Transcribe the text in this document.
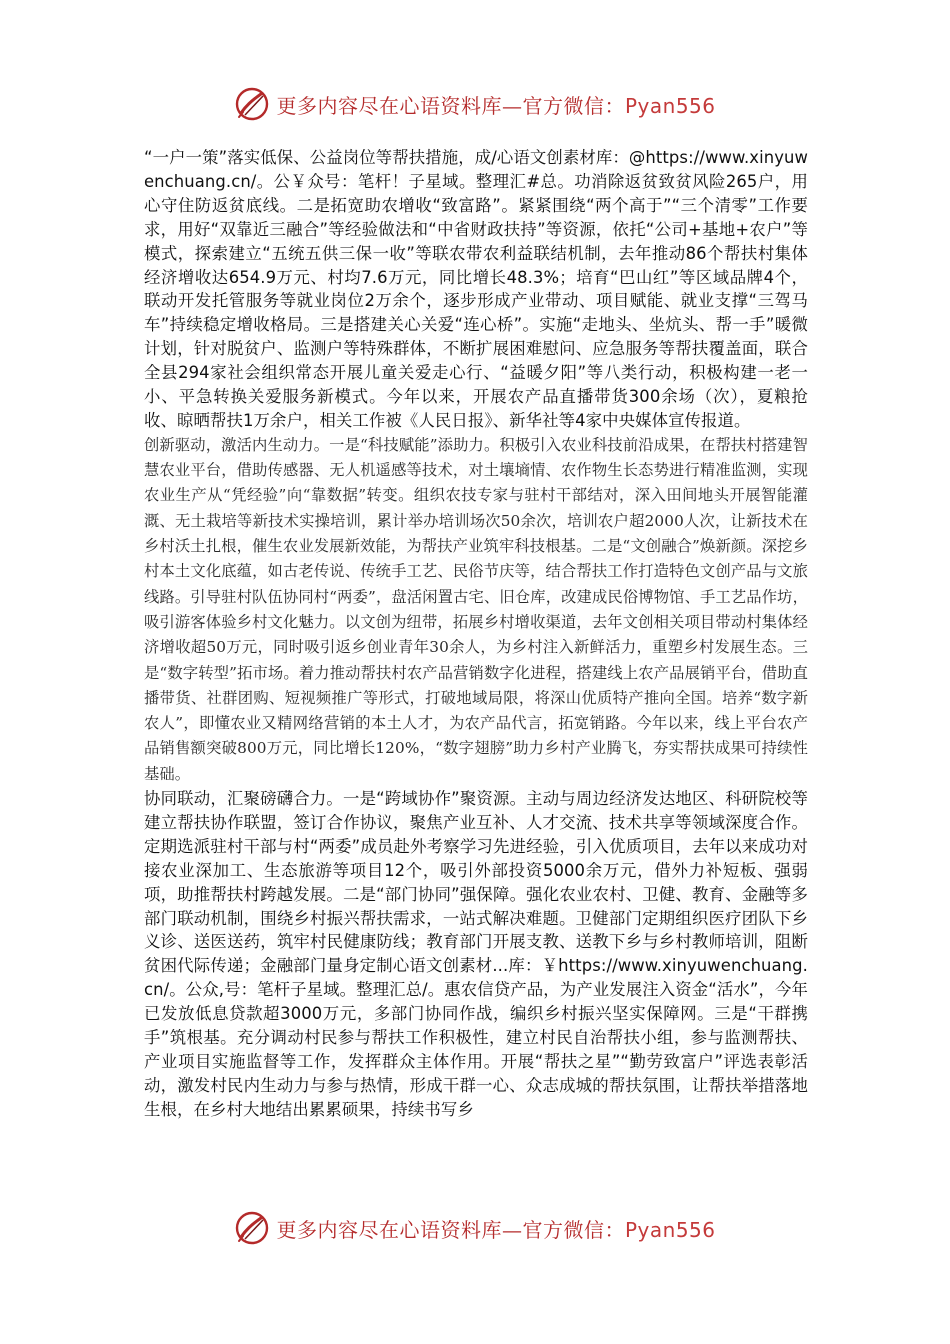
更多内容尽在心语资料库—官方微信：Pyan556

“一户一策”落实低保、公益岗位等帮扶措施，成/心语文创素材库：@https://www.xinyuwenchuang.cn/。公￥众号：笔杆！子星域。整理汇#总。功消除返贫致贫风险265户，用心守住防返贫底线。二是拓宽助农增收“致富路”。紧紧围绕“两个高于”“三个清零”工作要求，用好“双靠近三融合”等经验做法和“中省财政扶持”等资源，依托“公司+基地+农户”等模式，探索建立“五统五供三保一收”等联农带农利益联结机制，去年推动86个帮扶村集体经济增收达654.9万元、村均7.6万元，同比增长48.3%；培育“巴山红”等区域品牌4个，联动开发托管服务等就业岗位2万余个，逐步形成产业带动、项目赋能、就业支撑“三驾马车”持续稳定增收格局。三是搭建关心关爱“连心桥”。实施“走地头、坐炕头、帮一手”暖微计划，针对脱贫户、监测户等特殊群体，不断扩展困难慰问、应急服务等帮扶覆盖面，联合全县294家社会组织常态开展儿童关爱走心行、“益暖夕阳”等八类行动，积极构建一老一小、平急转换关爱服务新模式。今年以来，开展农产品直播带货300余场（次），夏粮抢收、晾晒帮扶1万余户，相关工作被《人民日报》、新华社等4家中央媒体宣传报道。

创新驱动，激活内生动力。一是“科技赋能”添助力。积极引入农业科技前沿成果，在帮扶村搭建智慧农业平台，借助传感器、无人机遥感等技术，对土壤墒情、农作物生长态势进行精准监测，实现农业生产从“凭经验”向“靠数据”转变。组织农技专家与驻村干部结对，深入田间地头开展智能灌溉、无土栽培等新技术实操培训，累计举办培训场次50余次，培训农户超2000人次，让新技术在乡村沃土扎根，催生农业发展新效能，为帮扶产业筑牢科技根基。二是“文创融合”焕新颜。深挖乡村本土文化底蕴，如古老传说、传统手工艺、民俗节庆等，结合帮扶工作打造特色文创产品与文旅线路。引导驻村队伍协同村“两委”，盘活闲置古宅、旧仓库，改建成民俗博物馆、手工艺品作坊，吸引游客体验乡村文化魅力。以文创为纽带，拓展乡村增收渠道，去年文创相关项目带动村集体经济增收超50万元，同时吸引返乡创业青年30余人，为乡村注入新鲜活力，重塑乡村发展生态。三是“数字转型”拓市场。着力推动帮扶村农产品营销数字化进程，搭建线上农产品展销平台，借助直播带货、社群团购、短视频推广等形式，打破地域局限，将深山优质特产推向全国。培养“数字新农人”，即懂农业又精网络营销的本土人才，为农产品代言，拓宽销路。今年以来，线上平台农产品销售额突破800万元，同比增长120%，“数字翅膀”助力乡村产业腾飞，夯实帮扶成果可持续性基础。

协同联动，汇聚磅礴合力。一是“跨域协作”聚资源。主动与周边经济发达地区、科研院校等建立帮扶协作联盟，签订合作协议，聚焦产业互补、人才交流、技术共享等领域深度合作。定期选派驻村干部与村“两委”成员赴外考察学习先进经验，引入优质项目，去年以来成功对接农业深加工、生态旅游等项目12个，吸引外部投资5000余万元，借外力补短板、强弱项，助推帮扶村跨越发展。二是“部门协同”强保障。强化农业农村、卫健、教育、金融等多部门联动机制，围绕乡村振兴帮扶需求，一站式解决难题。卫健部门定期组织医疗团队下乡义诊、送医送药，筑牢村民健康防线；教育部门开展支教、送教下乡与乡村教师培训，阻断贫困代际传递；金融部门量身定制心语文创素材...库：￥https://www.xinyuwenchuang.cn/。公众,号：笔杆子星域。整理汇总/。惠农信贷产品，为产业发展注入资金“活水”，今年已发放低息贷款超3000万元，多部门协同作战，编织乡村振兴坚实保障网。三是“干群携手”筑根基。充分调动村民参与帮扶工作积极性，建立村民自治帮扶小组，参与监测帮扶、产业项目实施监督等工作，发挥群众主体作用。开展“帮扶之星”“勤劳致富户”评选表彰活动，激发村民内生动力与参与热情，形成干群一心、众志成城的帮扶氛围，让帮扶举措落地生根，在乡村大地结出累累硕果，持续书写乡

更多内容尽在心语资料库—官方微信：Pyan556
